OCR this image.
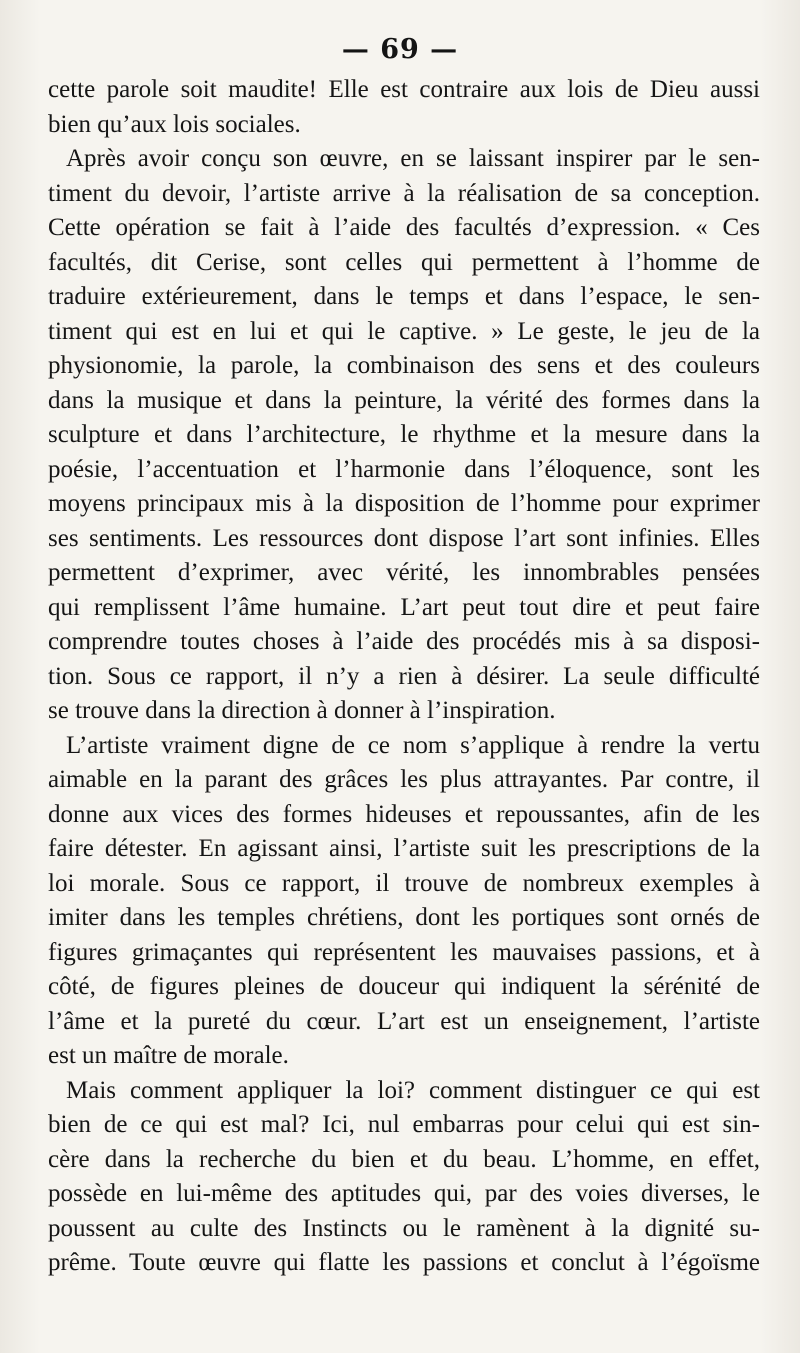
— 69 —
cette parole soit maudite! Elle est contraire aux lois de Dieu aussi
bien qu’aux lois sociales.
Après avoir conçu son œuvre, en se laissant inspirer par le sen-
timent du devoir, l’artiste arrive à la réalisation de sa conception.
Cette opération se fait à l’aide des facultés d’expression. « Ces
facultés, dit Cerise, sont celles qui permettent à l’homme de
traduire extérieurement, dans le temps et dans l’espace, le sen-
timent qui est en lui et qui le captive. » Le geste, le jeu de la
physionomie, la parole, la combinaison des sens et des couleurs
dans la musique et dans la peinture, la vérité des formes dans la
sculpture et dans l’architecture, le rhythme et la mesure dans la
poésie, l’accentuation et l’harmonie dans l’éloquence, sont les
moyens principaux mis à la disposition de l’homme pour exprimer
ses sentiments. Les ressources dont dispose l’art sont infinies. Elles
permettent d’exprimer, avec vérité, les innombrables pensées
qui remplissent l’âme humaine. L’art peut tout dire et peut faire
comprendre toutes choses à l’aide des procédés mis à sa disposi-
tion. Sous ce rapport, il n’y a rien à désirer. La seule difficulté
se trouve dans la direction à donner à l’inspiration.
L’artiste vraiment digne de ce nom s’applique à rendre la vertu
aimable en la parant des grâces les plus attrayantes. Par contre, il
donne aux vices des formes hideuses et repoussantes, afin de les
faire détester. En agissant ainsi, l’artiste suit les prescriptions de la
loi morale. Sous ce rapport, il trouve de nombreux exemples à
imiter dans les temples chrétiens, dont les portiques sont ornés de
figures grimaçantes qui représentent les mauvaises passions, et à
côté, de figures pleines de douceur qui indiquent la sérénité de
l’âme et la pureté du cœur. L’art est un enseignement, l’artiste
est un maître de morale.
Mais comment appliquer la loi? comment distinguer ce qui est
bien de ce qui est mal? Ici, nul embarras pour celui qui est sin-
cère dans la recherche du bien et du beau. L’homme, en effet,
possède en lui-même des aptitudes qui, par des voies diverses, le
poussent au culte des Instincts ou le ramènent à la dignité su-
prême. Toute œuvre qui flatte les passions et conclut à l’égoïsme
